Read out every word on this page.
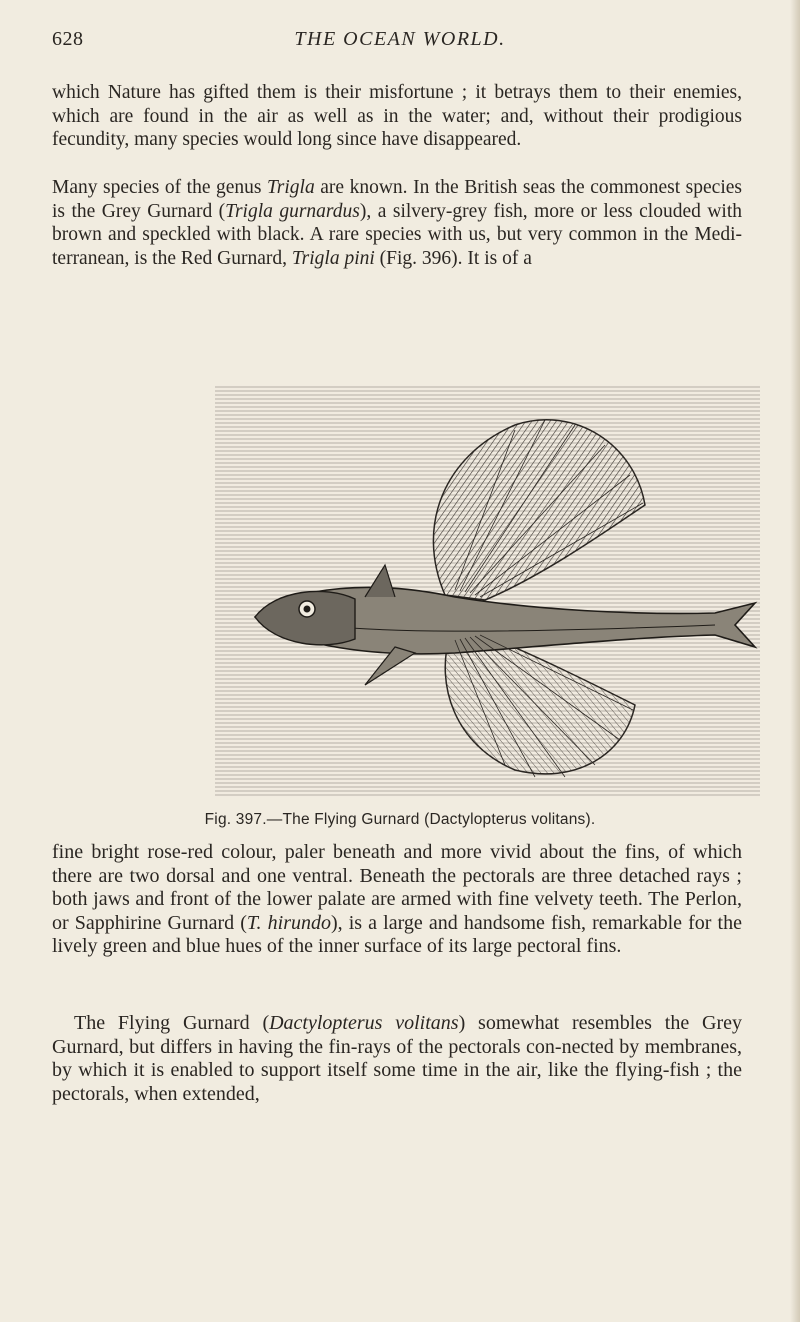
628	THE OCEAN WORLD.

which Nature has gifted them is their misfortune ; it betrays them to their enemies, which are found in the air as well as in the water; and, without their prodigious fecundity, many species would long since have disappeared.

Many species of the genus Trigla are known. In the British seas the commonest species is the Grey Gurnard (Trigla gurnardus), a silvery-grey fish, more or less clouded with brown and speckled with black. A rare species with us, but very common in the Medi-terranean, is the Red Gurnard, Trigla pini (Fig. 396). It is of a

Fig. 397.—The Flying Gurnard (Dactylopterus volitans).

fine bright rose-red colour, paler beneath and more vivid about the fins, of which there are two dorsal and one ventral. Beneath the pectorals are three detached rays ; both jaws and front of the lower palate are armed with fine velvety teeth. The Perlon, or Sapphirine Gurnard (T. hirundo), is a large and handsome fish, remarkable for the lively green and blue hues of the inner surface of its large pectoral fins.

The Flying Gurnard (Dactylopterus volitans) somewhat resembles the Grey Gurnard, but differs in having the fin-rays of the pectorals con-nected by membranes, by which it is enabled to support itself some time in the air, like the flying-fish ; the pectorals, when extended,
